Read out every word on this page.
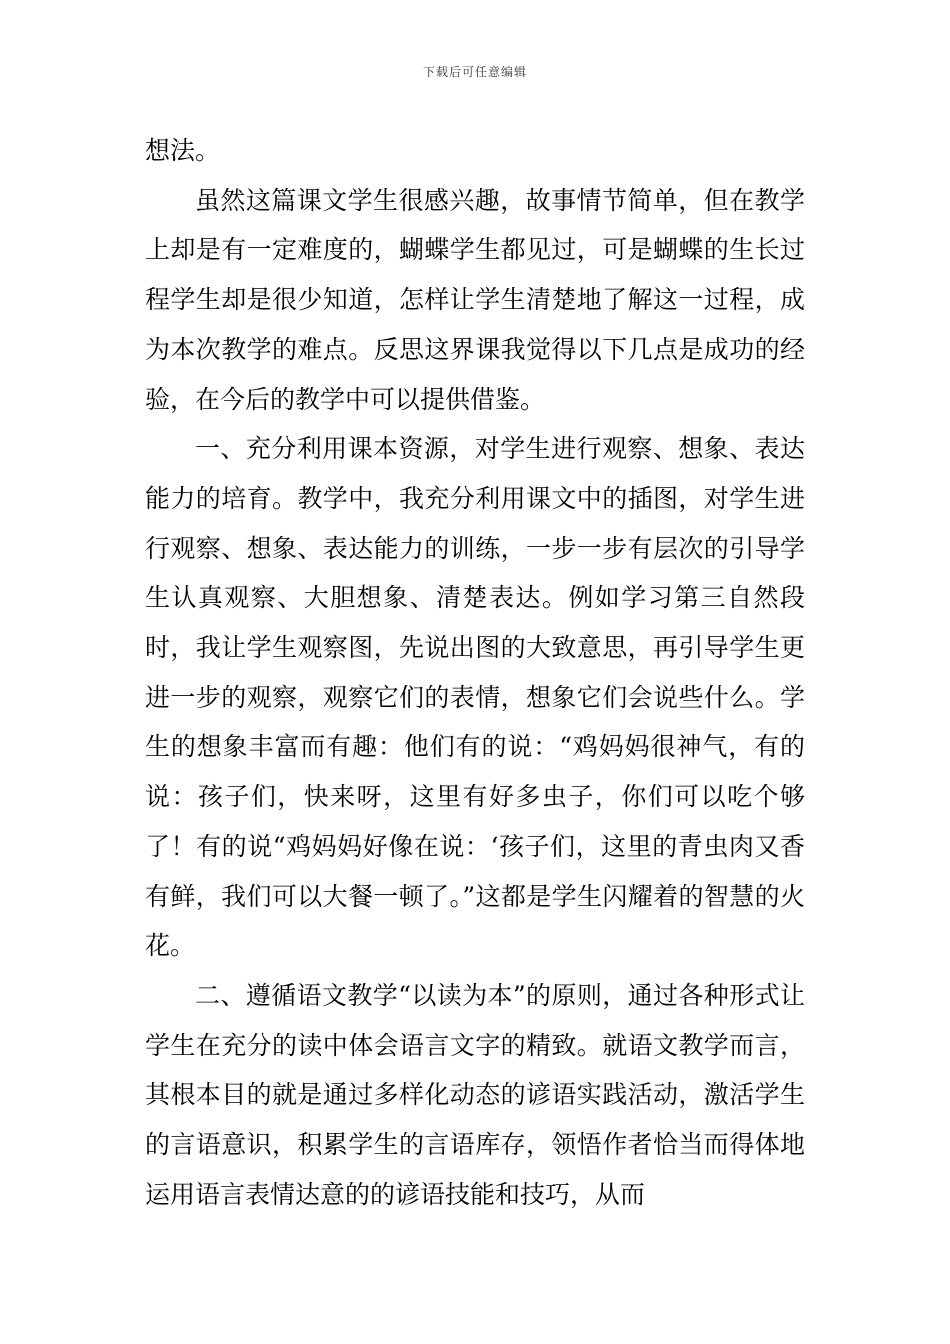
下载后可任意编辑

想法。

虽然这篇课文学生很感兴趣，故事情节简单，但在教学上却是有一定难度的，蝴蝶学生都见过，可是蝴蝶的生长过程学生却是很少知道，怎样让学生清楚地了解这一过程，成为本次教学的难点。反思这界课我觉得以下几点是成功的经验，在今后的教学中可以提供借鉴。

一、充分利用课本资源，对学生进行观察、想象、表达能力的培育。教学中，我充分利用课文中的插图，对学生进行观察、想象、表达能力的训练，一步一步有层次的引导学生认真观察、大胆想象、清楚表达。例如学习第三自然段时，我让学生观察图，先说出图的大致意思，再引导学生更进一步的观察，观察它们的表情，想象它们会说些什么。学生的想象丰富而有趣：他们有的说：“鸡妈妈很神气，有的说：孩子们，快来呀，这里有好多虫子，你们可以吃个够了！有的说“鸡妈妈好像在说：‘孩子们，这里的青虫肉又香有鲜，我们可以大餐一顿了。”这都是学生闪耀着的智慧的火花。

二、遵循语文教学“以读为本”的原则，通过各种形式让学生在充分的读中体会语言文字的精致。就语文教学而言，其根本目的就是通过多样化动态的谚语实践活动，激活学生的言语意识，积累学生的言语库存，领悟作者恰当而得体地运用语言表情达意的的谚语技能和技巧，从而
